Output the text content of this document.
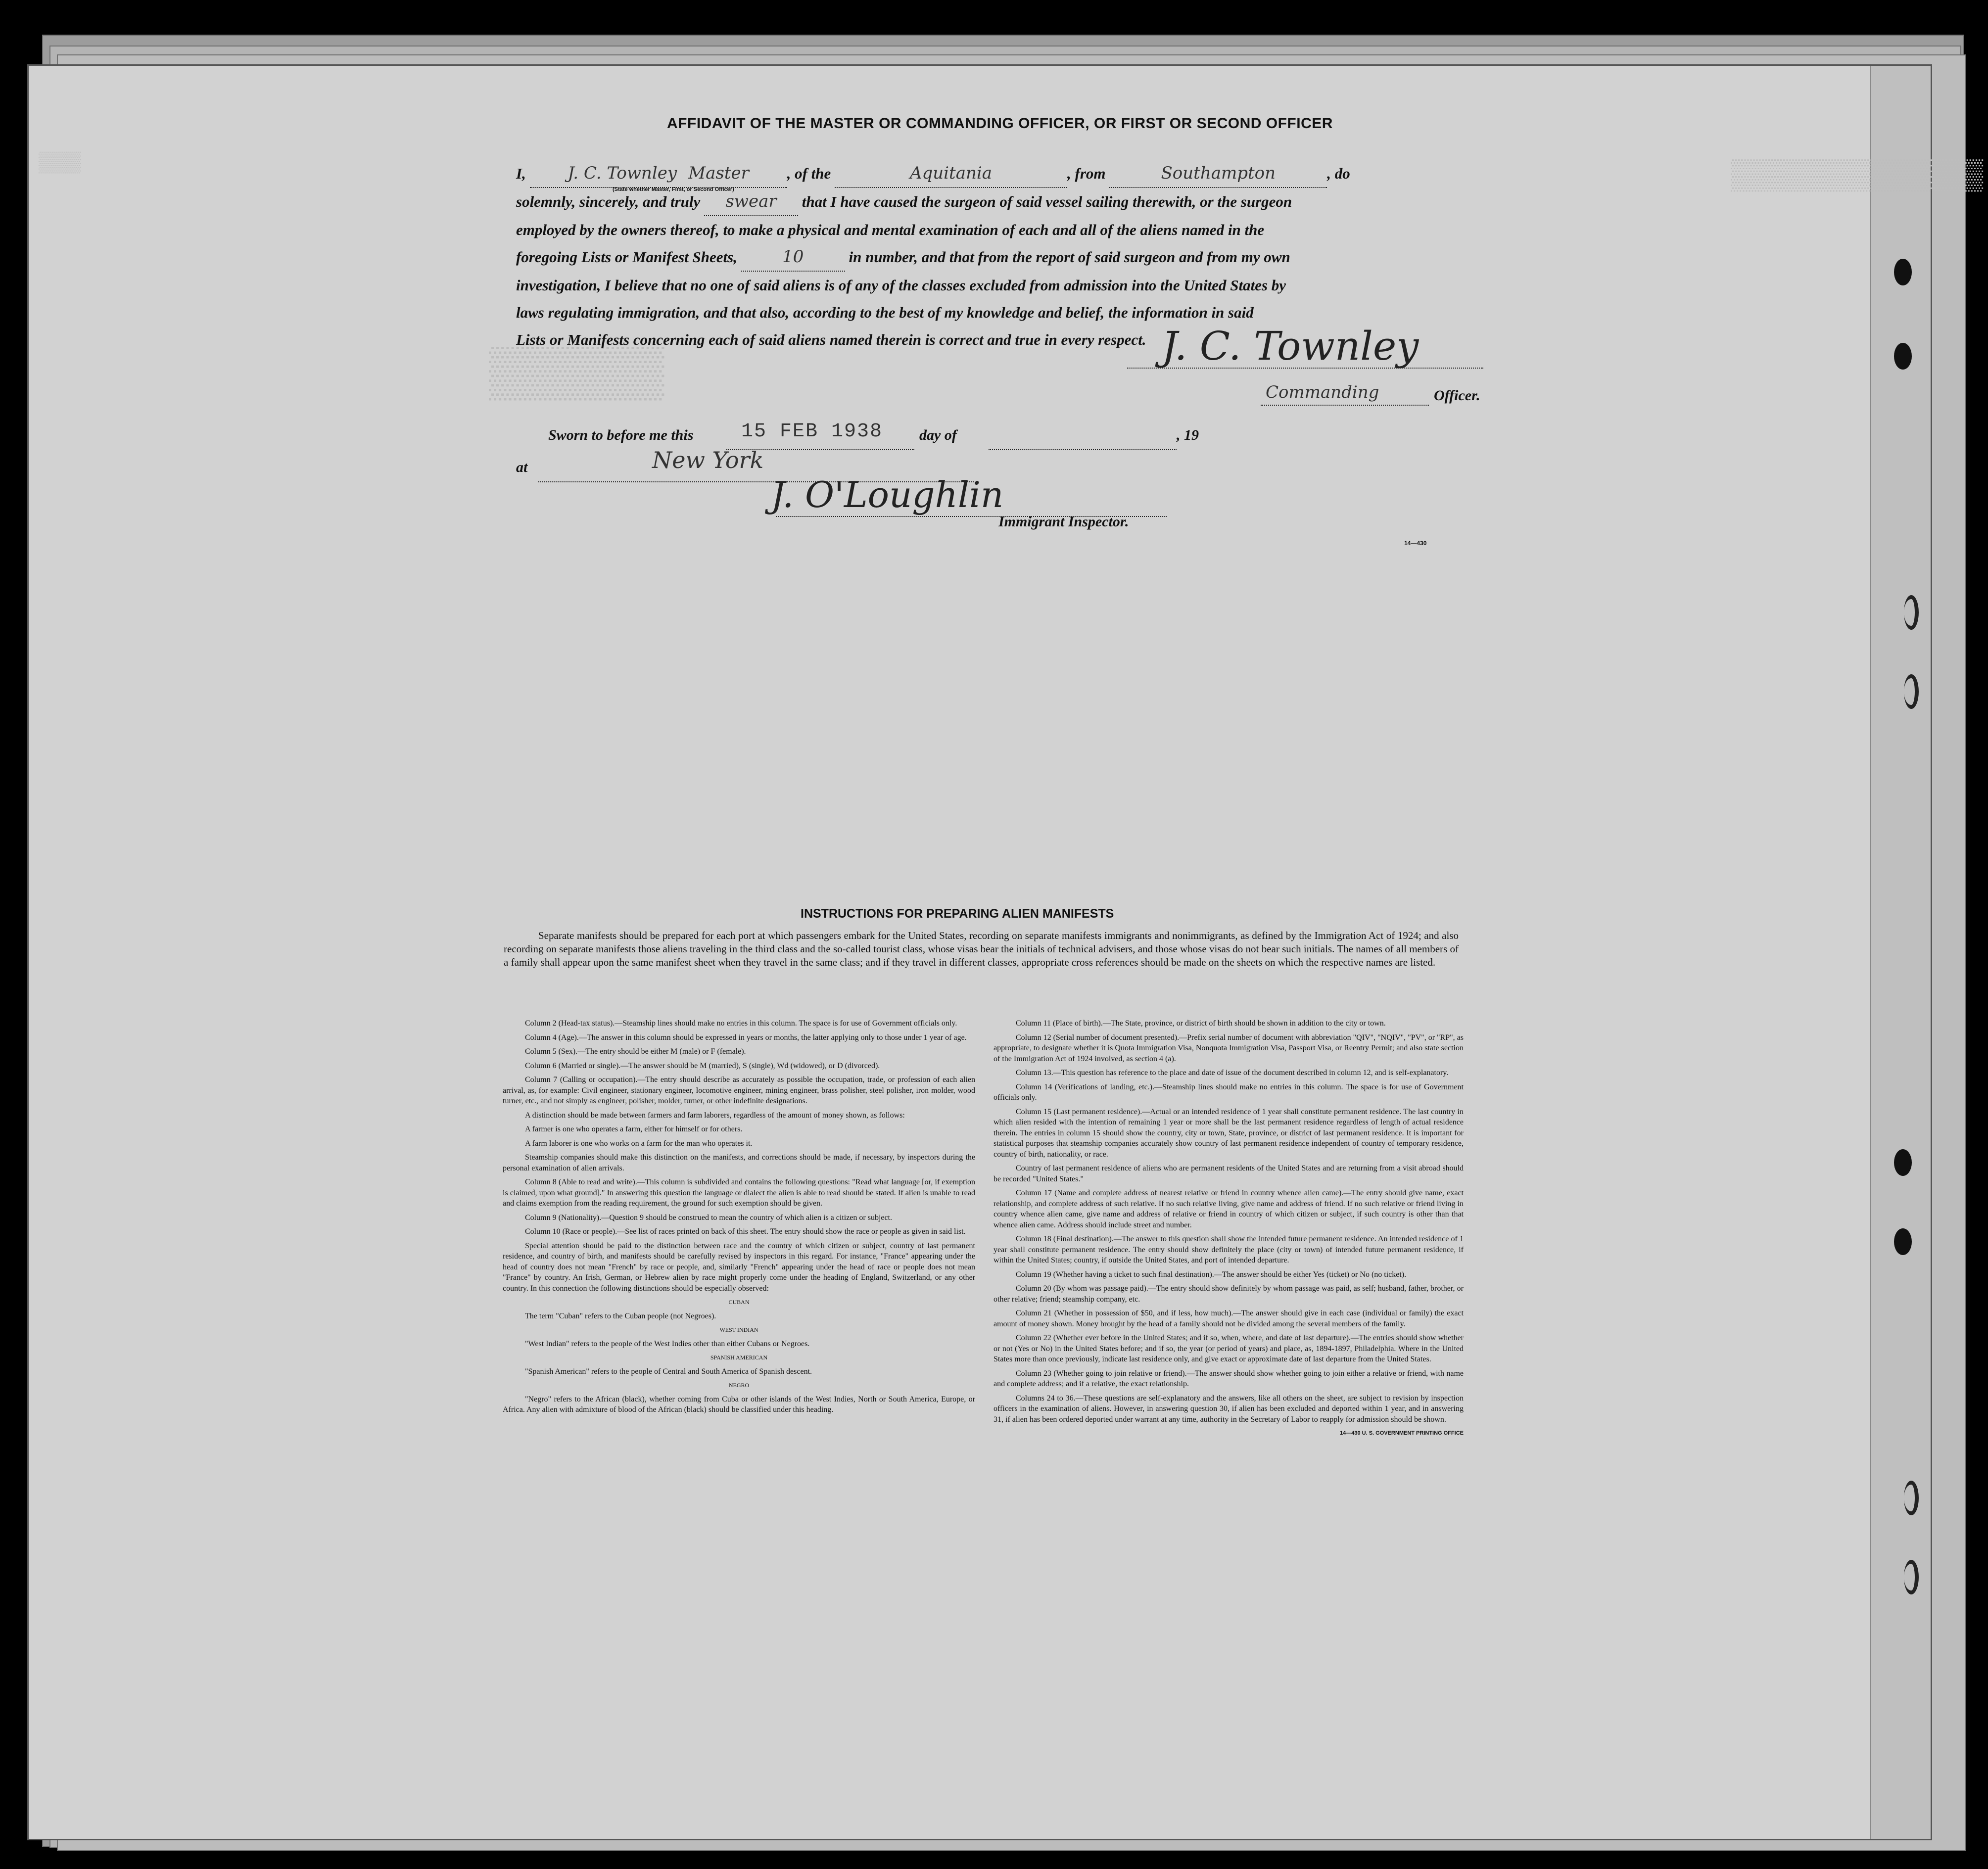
▒▒▒▒▒▒▒▒▒▒▒▒
▒▒▒
▒▒▒▒▒
AFFIDAVIT OF THE MASTER OR COMMANDING OFFICER, OR FIRST OR SECOND OFFICER
I, J. C. Townley Master , of the	Aquitania	, from	Southampton	, do
solemnly, sincerely, and truly swear that I have caused the surgeon of said vessel sailing therewith, or the surgeon
employed by the owners thereof, to make a physical and mental examination of each and all of the aliens named in the
foregoing Lists or Manifest Sheets,	10	in number, and that from the report of said surgeon and from my own
investigation, I believe that no one of said aliens is of any of the classes excluded from admission into the United States by
laws regulating immigration, and that also, according to the best of my knowledge and belief, the information in said
Lists or Manifests concerning each of said aliens named therein is correct and true in every respect.
(State whether Master, First, or Second Officer)
J. C. Townley
Commanding	Officer.
Sworn to before me this 15 FEB 1938 day of	, 19
at	New York
J. O'Loughlin
Immigrant Inspector.
14—430
INSTRUCTIONS FOR PREPARING ALIEN MANIFESTS
Separate manifests should be prepared for each port at which passengers embark for the United States, recording on separate manifests immigrants and nonimmigrants, as defined by the Immigration Act of 1924; and also recording on separate manifests those aliens traveling in the third class and the so-called tourist class, whose visas bear the initials of technical advisers, and those whose visas do not bear such initials. The names of all members of a family shall appear upon the same manifest sheet when they travel in the same class; and if they travel in different classes, appropriate cross references should be made on the sheets on which the respective names are listed.

Column 2 (Head-tax status).—Steamship lines should make no entries in this column. The space is for use of Government officials only.

Column 4 (Age).—The answer in this column should be expressed in years or months, the latter applying only to those under 1 year of age.

Column 5 (Sex).—The entry should be either M (male) or F (female).

Column 6 (Married or single).—The answer should be M (married), S (single), Wd (widowed), or D (divorced).

Column 7 (Calling or occupation).—The entry should describe as accurately as possible the occupation, trade, or profession of each alien arrival, as, for example: Civil engineer, stationary engineer, locomotive engineer, mining engineer, brass polisher, steel polisher, iron molder, wood turner, etc., and not simply as engineer, polisher, molder, turner, or other indefinite designations.

A distinction should be made between farmers and farm laborers, regardless of the amount of money shown, as follows:

A farmer is one who operates a farm, either for himself or for others.

A farm laborer is one who works on a farm for the man who operates it.

Steamship companies should make this distinction on the manifests, and corrections should be made, if necessary, by inspectors during the personal examination of alien arrivals.

Column 8 (Able to read and write).—This column is subdivided and contains the following questions: "Read what language [or, if exemption is claimed, upon what ground]." In answering this question the language or dialect the alien is able to read should be stated. If alien is unable to read and claims exemption from the reading requirement, the ground for such exemption should be given.

Column 9 (Nationality).—Question 9 should be construed to mean the country of which alien is a citizen or subject.

Column 10 (Race or people).—See list of races printed on back of this sheet. The entry should show the race or people as given in said list.

Special attention should be paid to the distinction between race and the country of which citizen or subject, country of last permanent residence, and country of birth, and manifests should be carefully revised by inspectors in this regard. For instance, "France" appearing under the head of country does not mean "French" by race or people, and, similarly "French" appearing under the head of race or people does not mean "France" by country. An Irish, German, or Hebrew alien by race might properly come under the heading of England, Switzerland, or any other country. In this connection the following distinctions should be especially observed:

CUBAN

The term "Cuban" refers to the Cuban people (not Negroes).

WEST INDIAN

"West Indian" refers to the people of the West Indies other than either Cubans or Negroes.

SPANISH AMERICAN

"Spanish American" refers to the people of Central and South America of Spanish descent.

NEGRO

"Negro" refers to the African (black), whether coming from Cuba or other islands of the West Indies, North or South America, Europe, or Africa. Any alien with admixture of blood of the African (black) should be classified under this heading.

Column 11 (Place of birth).—The State, province, or district of birth should be shown in addition to the city or town.

Column 12 (Serial number of document presented).—Prefix serial number of document with abbreviation "QIV", "NQIV", "PV", or "RP", as appropriate, to designate whether it is Quota Immigration Visa, Nonquota Immigration Visa, Passport Visa, or Reentry Permit; and also state section of the Immigration Act of 1924 involved, as section 4 (a).

Column 13.—This question has reference to the place and date of issue of the document described in column 12, and is self-explanatory.

Column 14 (Verifications of landing, etc.).—Steamship lines should make no entries in this column. The space is for use of Government officials only.

Column 15 (Last permanent residence).—Actual or an intended residence of 1 year shall constitute permanent residence. The last country in which alien resided with the intention of remaining 1 year or more shall be the last permanent residence regardless of length of actual residence therein. The entries in column 15 should show the country, city or town, State, province, or district of last permanent residence. It is important for statistical purposes that steamship companies accurately show country of last permanent residence independent of country of temporary residence, country of birth, nationality, or race.

Country of last permanent residence of aliens who are permanent residents of the United States and are returning from a visit abroad should be recorded "United States."

Column 17 (Name and complete address of nearest relative or friend in country whence alien came).—The entry should give name, exact relationship, and complete address of such relative. If no such relative living, give name and address of friend. If no such relative or friend living in country whence alien came, give name and address of relative or friend in country of which citizen or subject, if such country is other than that whence alien came. Address should include street and number.

Column 18 (Final destination).—The answer to this question shall show the intended future permanent residence. An intended residence of 1 year shall constitute permanent residence. The entry should show definitely the place (city or town) of intended future permanent residence, if within the United States; country, if outside the United States, and port of intended departure.

Column 19 (Whether having a ticket to such final destination).—The answer should be either Yes (ticket) or No (no ticket).

Column 20 (By whom was passage paid).—The entry should show definitely by whom passage was paid, as self; husband, father, brother, or other relative; friend; steamship company, etc.

Column 21 (Whether in possession of $50, and if less, how much).—The answer should give in each case (individual or family) the exact amount of money shown. Money brought by the head of a family should not be divided among the several members of the family.

Column 22 (Whether ever before in the United States; and if so, when, where, and date of last departure).—The entries should show whether or not (Yes or No) in the United States before; and if so, the year (or period of years) and place, as, 1894-1897, Philadelphia. Where in the United States more than once previously, indicate last residence only, and give exact or approximate date of last departure from the United States.

Column 23 (Whether going to join relative or friend).—The answer should show whether going to join either a relative or friend, with name and complete address; and if a relative, the exact relationship.

Columns 24 to 36.—These questions are self-explanatory and the answers, like all others on the sheet, are subject to revision by inspection officers in the examination of aliens. However, in answering question 30, if alien has been excluded and deported within 1 year, and in answering 31, if alien has been ordered deported under warrant at any time, authority in the Secretary of Labor to reapply for admission should be shown.

14—430 U. S. GOVERNMENT PRINTING OFFICE
